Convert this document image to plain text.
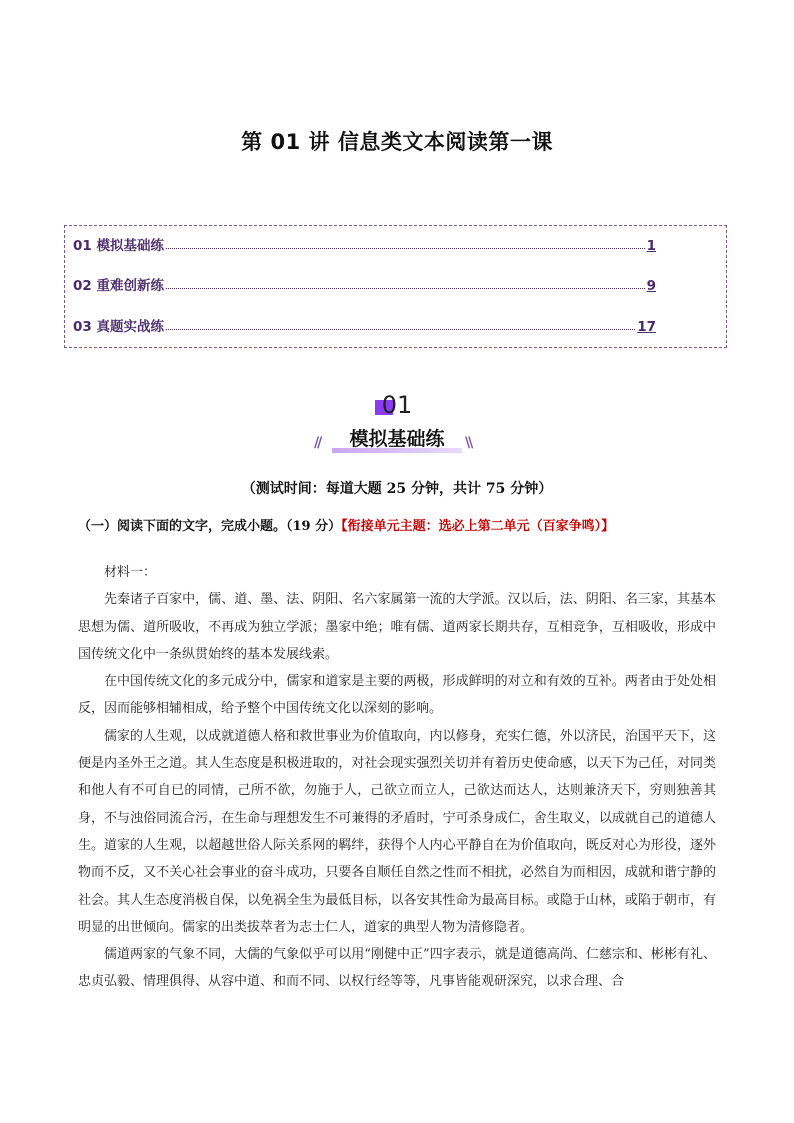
第 01 讲 信息类文本阅读第一课
01 模拟基础练	1
02 重难创新练	9
03 真题实战练	17
01
//	模拟基础练	\\
（测试时间：每道大题 25 分钟，共计 75 分钟）
（一）阅读下面的文字，完成小题。（19 分）【衔接单元主题：选必上第二单元（百家争鸣）】

材料一：

先秦诸子百家中，儒、道、墨、法、阴阳、名六家属第一流的大学派。汉以后，法、阴阳、名三家，其基本思想为儒、道所吸收，不再成为独立学派；墨家中绝；唯有儒、道两家长期共存，互相竞争，互相吸收，形成中国传统文化中一条纵贯始终的基本发展线索。

在中国传统文化的多元成分中，儒家和道家是主要的两极，形成鲜明的对立和有效的互补。两者由于处处相反，因而能够相辅相成，给予整个中国传统文化以深刻的影响。

儒家的人生观，以成就道德人格和救世事业为价值取向，内以修身，充实仁德，外以济民，治国平天下，这便是内圣外王之道。其人生态度是积极进取的，对社会现实强烈关切并有着历史使命感，以天下为己任，对同类和他人有不可自已的同情，己所不欲，勿施于人，己欲立而立人，己欲达而达人，达则兼济天下，穷则独善其身，不与浊俗同流合污，在生命与理想发生不可兼得的矛盾时，宁可杀身成仁，舍生取义，以成就自己的道德人生。道家的人生观，以超越世俗人际关系网的羁绊，获得个人内心平静自在为价值取向，既反对心为形役，逐外物而不反，又不关心社会事业的奋斗成功，只要各自顺任自然之性而不相扰，必然自为而相因，成就和谐宁静的社会。其人生态度消极自保，以免祸全生为最低目标，以各安其性命为最高目标。或隐于山林，或陷于朝市，有明显的出世倾向。儒家的出类拔萃者为志士仁人，道家的典型人物为清修隐者。

儒道两家的气象不同，大儒的气象似乎可以用“刚健中正”四字表示，就是道德高尚、仁慈宗和、彬彬有礼、忠贞弘毅、情理俱得、从容中道、和而不同、以权行经等等，凡事皆能观研深究，以求合理、合
